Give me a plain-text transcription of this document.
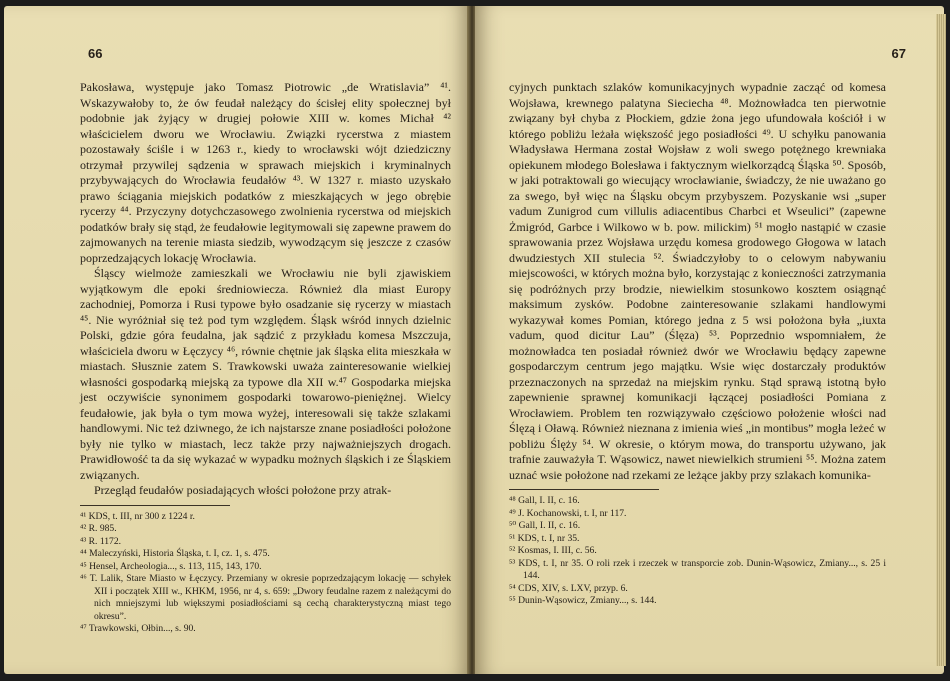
66

Pakosława, występuje jako Tomasz Piotrowic „de Wratislavia” ⁴¹. Wskazywałoby to, że ów feudał należący do ścisłej elity społecznej był podobnie jak żyjący w drugiej połowie XIII w. komes Michał ⁴² właścicielem dworu we Wrocławiu. Związki rycerstwa z miastem pozostawały ściśle i w 1263 r., kiedy to wrocławski wójt dziedziczny otrzymał przywilej sądzenia w sprawach miejskich i kryminalnych przybywających do Wrocławia feudałów ⁴³. W 1327 r. miasto uzyskało prawo ściągania miejskich podatków z mieszkających w jego obrębie rycerzy ⁴⁴. Przyczyny dotychczasowego zwolnienia rycerstwa od miejskich podatków brały się stąd, że feudałowie legitymowali się zapewne prawem do zajmowanych na terenie miasta siedzib, wywodzącym się jeszcze z czasów poprzedzających lokację Wrocławia.

Śląscy wielmoże zamieszkali we Wrocławiu nie byli zjawiskiem wyjątkowym dle epoki średniowiecza. Również dla miast Europy zachodniej, Pomorza i Rusi typowe było osadzanie się rycerzy w miastach ⁴⁵. Nie wyróżniał się też pod tym względem. Śląsk wśród innych dzielnic Polski, gdzie góra feudalna, jak sądzić z przykładu komesa Mszczuja, właściciela dworu w Łęczycy ⁴⁶, równie chętnie jak śląska elita mieszkała w miastach. Słusznie zatem S. Trawkowski uważa zainteresowanie wielkiej własności gospodarką miejską za typowe dla XII w.⁴⁷ Gospodarka miejska jest oczywiście synonimem gospodarki towarowo-pieniężnej. Wielcy feudałowie, jak była o tym mowa wyżej, interesowali się także szlakami handlowymi. Nic też dziwnego, że ich najstarsze znane posiadłości położone były nie tylko w miastach, lecz także przy najważniejszych drogach. Prawidłowość ta da się wykazać w wypadku możnych śląskich i ze Śląskiem związanych.

Przegląd feudałów posiadających włości położone przy atrak-

⁴¹ KDS, t. III, nr 300 z 1224 r.

⁴² R. 985.

⁴³ R. 1172.

⁴⁴ Maleczyński, Historia Śląska, t. I, cz. 1, s. 475.

⁴⁵ Hensel, Archeologia..., s. 113, 115, 143, 170.

⁴⁶ T. Lalik, Stare Miasto w Łęczycy. Przemiany w okresie poprzedzającym lokację — schyłek XII i początek XIII w., KHKM, 1956, nr 4, s. 659: „Dwory feudalne razem z należącymi do nich mniejszymi lub większymi posiadłościami są cechą charakterystyczną miast tego okresu”.

⁴⁷ Trawkowski, Ołbin..., s. 90.

67

cyjnych punktach szlaków komunikacyjnych wypadnie zacząć od komesa Wojsława, krewnego palatyna Sieciecha ⁴⁸. Możnowładca ten pierwotnie związany był chyba z Płockiem, gdzie żona jego ufundowała kościół i w którego pobliżu leżała większość jego posiadłości ⁴⁹. U schyłku panowania Władysława Hermana został Wojsław z woli swego potężnego krewniaka opiekunem młodego Bolesława i faktycznym wielkorządcą Śląska ⁵⁰. Sposób, w jaki potraktowali go wiecujący wrocławianie, świadczy, że nie uważano go za swego, był więc na Śląsku obcym przybyszem. Pozyskanie wsi „super vadum Zunigrod cum villulis adiacentibus Charbci et Wseulici” (zapewne Żmigród, Garbce i Wilkowo w b. pow. milickim) ⁵¹ mogło nastąpić w czasie sprawowania przez Wojsława urzędu komesa grodowego Głogowa w latach dwudziestych XII stulecia ⁵². Świadczyłoby to o celowym nabywaniu miejscowości, w których można było, korzystając z konieczności zatrzymania się podróżnych przy brodzie, niewielkim stosunkowo kosztem osiągnąć maksimum zysków. Podobne zainteresowanie szlakami handlowymi wykazywał komes Pomian, którego jedna z 5 wsi położona była „iuxta vadum, quod dicitur Lau” (Ślęza) ⁵³. Poprzednio wspomniałem, że możnowładca ten posiadał również dwór we Wrocławiu będący zapewne gospodarczym centrum jego majątku. Wsie więc dostarczały produktów przeznaczonych na sprzedaż na miejskim rynku. Stąd sprawą istotną było zapewnienie sprawnej komunikacji łączącej posiadłości Pomiana z Wrocławiem. Problem ten rozwiązywało częściowo położenie włości nad Ślęzą i Oławą. Również nieznana z imienia wieś „in montibus” mogła leżeć w pobliżu Ślęży ⁵⁴. W okresie, o którym mowa, do transportu używano, jak trafnie zauważyła T. Wąsowicz, nawet niewielkich strumieni ⁵⁵. Można zatem uznać wsie położone nad rzekami ze leżące jakby przy szlakach komunika-

⁴⁸ Gall, I. II, c. 16.

⁴⁹ J. Kochanowski, t. I, nr 117.

⁵⁰ Gall, I. II, c. 16.

⁵¹ KDS, t. I, nr 35.

⁵² Kosmas, I. III, c. 56.

⁵³ KDS, t. I, nr 35. O roli rzek i rzeczek w transporcie zob. Dunin-Wąsowicz, Zmiany..., s. 25 i 144.

⁵⁴ CDS, XIV, s. LXV, przyp. 6.

⁵⁵ Dunin-Wąsowicz, Zmiany..., s. 144.
